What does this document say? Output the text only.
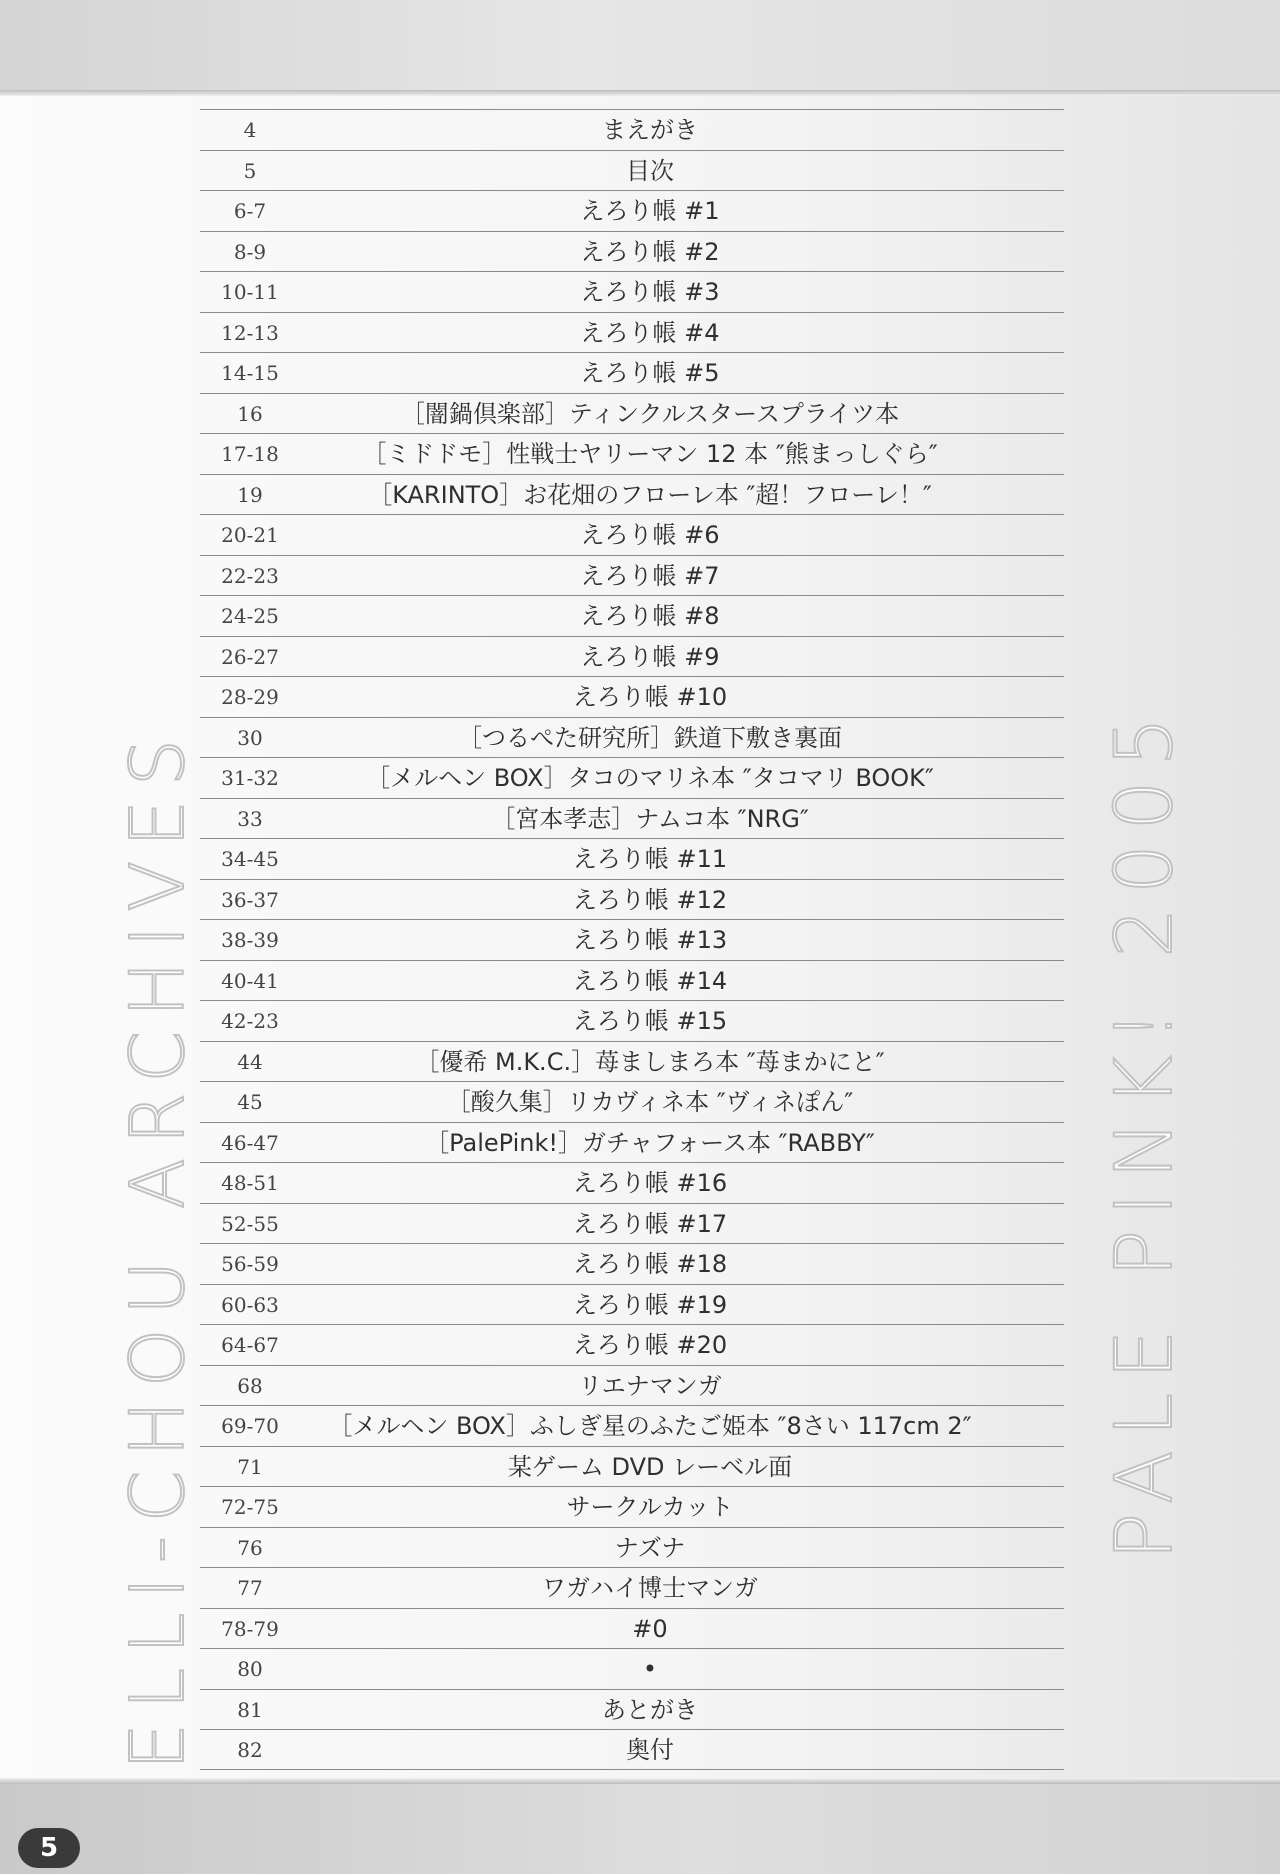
ELLI-CHOU ARCHIVES	PALE PINK! 2005
4	まえがき
5	目次
6-7	えろり帳 #1
8-9	えろり帳 #2
10-11	えろり帳 #3
12-13	えろり帳 #4
14-15	えろり帳 #5
16	［闇鍋倶楽部］ティンクルスタースプライツ本
17-18	［ミドドモ］性戦士ヤリーマン 12 本 ″熊まっしぐら″
19	［KARINTO］お花畑のフローレ本 ″超！フローレ！″
20-21	えろり帳 #6
22-23	えろり帳 #7
24-25	えろり帳 #8
26-27	えろり帳 #9
28-29	えろり帳 #10
30	［つるぺた研究所］鉄道下敷き裏面
31-32	［メルヘン BOX］タコのマリネ本 ″タコマリ BOOK″
33	［宮本孝志］ナムコ本 ″NRG″
34-45	えろり帳 #11
36-37	えろり帳 #12
38-39	えろり帳 #13
40-41	えろり帳 #14
42-23	えろり帳 #15
44	［優希 M.K.C.］苺ましまろ本 ″苺まかにと″
45	［酸久集］リカヴィネ本 ″ヴィネぽん″
46-47	［PalePink!］ガチャフォース本 ″RABBY″
48-51	えろり帳 #16
52-55	えろり帳 #17
56-59	えろり帳 #18
60-63	えろり帳 #19
64-67	えろり帳 #20
68	リエナマンガ
69-70	［メルヘン BOX］ふしぎ星のふたご姫本 ″8さい 117cm 2″
71	某ゲーム DVD レーベル面
72-75	サークルカット
76	ナズナ
77	ワガハイ博士マンガ
78-79	#0
80	•
81	あとがき
82	奥付
5
